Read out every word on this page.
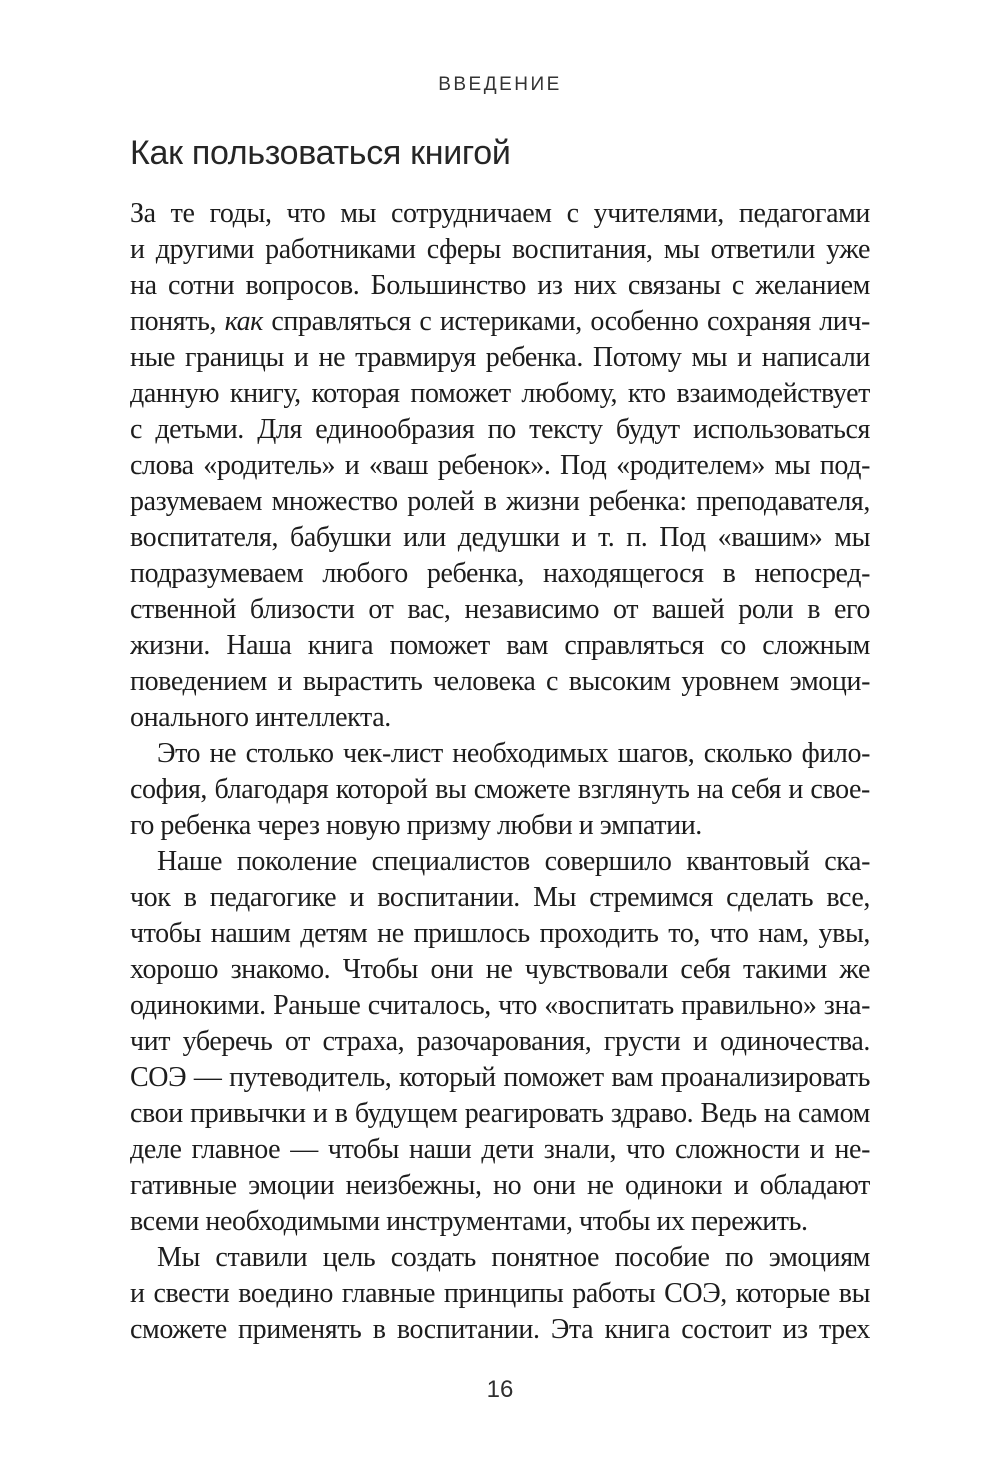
ВВЕДЕНИЕ
Как пользоваться книгой
За те годы, что мы сотрудничаем с учителями, педагогами
и другими работниками сферы воспитания, мы ответили уже
на сотни вопросов. Большинство из них связаны с желанием
понять, как справляться с истериками, особенно сохраняя лич-
ные границы и не травмируя ребенка. Потому мы и написали
данную книгу, которая поможет любому, кто взаимодействует
с детьми. Для единообразия по тексту будут использоваться
слова «родитель» и «ваш ребенок». Под «родителем» мы под-
разумеваем множество ролей в жизни ребенка: преподавателя,
воспитателя, бабушки или дедушки и т. п. Под «вашим» мы
подразумеваем любого ребенка, находящегося в непосред-
ственной близости от вас, независимо от вашей роли в его
жизни. Наша книга поможет вам справляться со сложным
поведением и вырастить человека с высоким уровнем эмоци-
онального интеллекта.
Это не столько чек-лист необходимых шагов, сколько фило-
софия, благодаря которой вы сможете взглянуть на себя и свое-
го ребенка через новую призму любви и эмпатии.
Наше поколение специалистов совершило квантовый ска-
чок в педагогике и воспитании. Мы стремимся сделать все,
чтобы нашим детям не пришлось проходить то, что нам, увы,
хорошо знакомо. Чтобы они не чувствовали себя такими же
одинокими. Раньше считалось, что «воспитать правильно» зна-
чит уберечь от страха, разочарования, грусти и одиночества.
СОЭ — путеводитель, который поможет вам проанализировать
свои привычки и в будущем реагировать здраво. Ведь на самом
деле главное — чтобы наши дети знали, что сложности и не-
гативные эмоции неизбежны, но они не одиноки и обладают
всеми необходимыми инструментами, чтобы их пережить.
Мы ставили цель создать понятное пособие по эмоциям
и свести воедино главные принципы работы СОЭ, которые вы
сможете применять в воспитании. Эта книга состоит из трех
16
